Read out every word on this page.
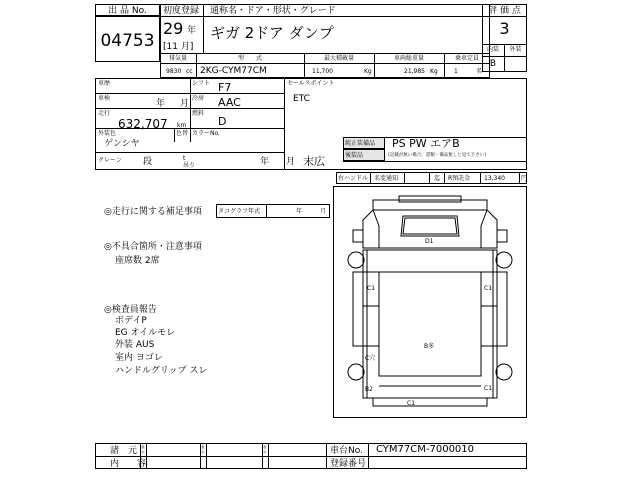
出 品 No.
04753
初度登録
29 年
[11 月]
通称名・ドア・形状・グレード
ギガ 2ドア ダンプ
排気量	型　　式	最大積載量	車両総重量	乗車定員
9830 cc 2KG-CYM77CM	11,700	Kg	21,985 Kg	1	名
評 価 点
3
内装	外装
B
車歴	シフト F7
車検
年 月
冷房 AAC
走行
632,707 km
燃料
D
外装色
ゲンシヤ
色替 カラーNo.
クレーン 段	t
吊り	年 月 末広
セールスポイント
ETC
純正装備品 PS PW エアB
後装品	(記載が無い場合、書類・備品無しと見て下さい)
右ハンドル 名変通知	迄 R預託金 13,340	円
◎走行に関する補足事項	タコグラフ年式	年	月
◎不具合箇所・注意事項
座席数 2席
◎検査員報告
ボデイP
EG オイルモレ
外装 AUS
室内 ヨゴレ
ハンドルグリップ スレ
D1
C1	C1
C穴
B多
B2	C1
C1
諸　元
内　　容
表示
表示
表示	車台No. CYM77CM-7000010
登録番号
